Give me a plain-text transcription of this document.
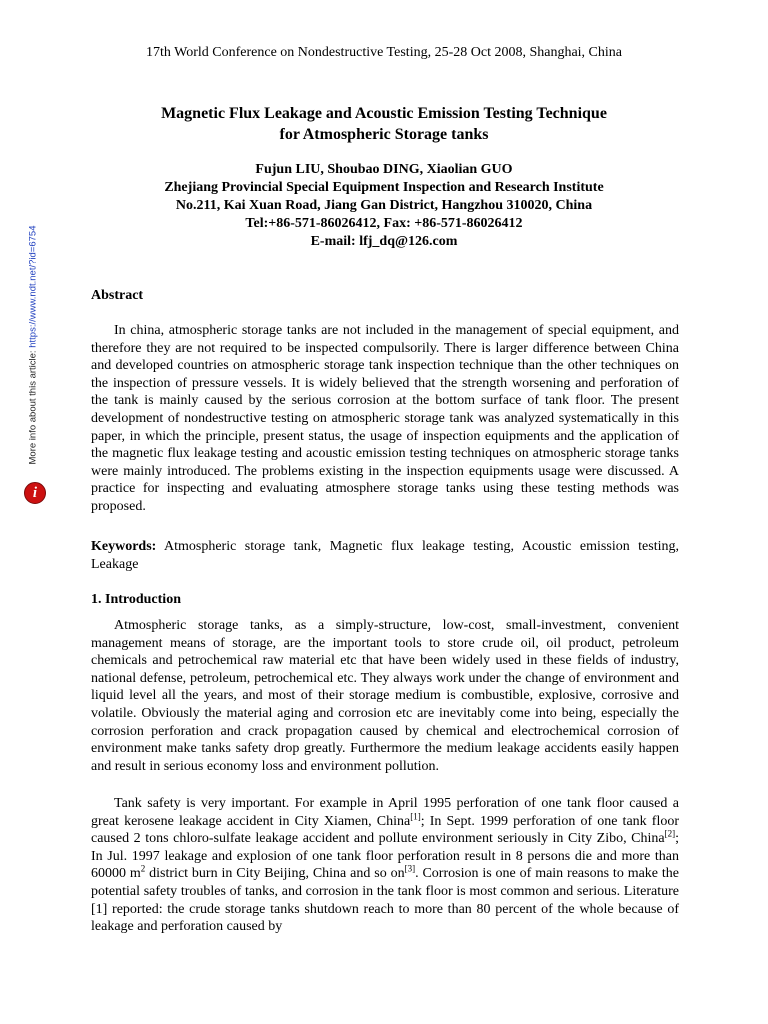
17th World Conference on Nondestructive Testing, 25-28 Oct 2008, Shanghai, China
Magnetic Flux Leakage and Acoustic Emission Testing Technique
for Atmospheric Storage tanks
Fujun LIU, Shoubao DING, Xiaolian GUO
Zhejiang Provincial Special Equipment Inspection and Research Institute
No.211, Kai Xuan Road, Jiang Gan District, Hangzhou 310020, China
Tel:+86-571-86026412, Fax: +86-571-86026412
E-mail: lfj_dq@126.com
More info about this article: https://www.ndt.net/?id=6754
i
Abstract
In china, atmospheric storage tanks are not included in the management of special equipment, and therefore they are not required to be inspected compulsorily. There is larger difference between China and developed countries on atmospheric storage tank inspection technique than the other techniques on the inspection of pressure vessels. It is widely believed that the strength worsening and perforation of the tank is mainly caused by the serious corrosion at the bottom surface of tank floor. The present development of nondestructive testing on atmospheric storage tank was analyzed systematically in this paper, in which the principle, present status, the usage of inspection equipments and the application of the magnetic flux leakage testing and acoustic emission testing techniques on atmospheric storage tanks were mainly introduced. The problems existing in the inspection equipments usage were discussed. A practice for inspecting and evaluating atmosphere storage tanks using these testing methods was proposed.
Keywords: Atmospheric storage tank, Magnetic flux leakage testing, Acoustic emission testing, Leakage
1. Introduction
Atmospheric storage tanks, as a simply-structure, low-cost, small-investment, convenient management means of storage, are the important tools to store crude oil, oil product, petroleum chemicals and petrochemical raw material etc that have been widely used in these fields of industry, national defense, petroleum, petrochemical etc. They always work under the change of environment and liquid level all the years, and most of their storage medium is combustible, explosive, corrosive and volatile. Obviously the material aging and corrosion etc are inevitably come into being, especially the corrosion perforation and crack propagation caused by chemical and electrochemical corrosion of environment make tanks safety drop greatly. Furthermore the medium leakage accidents easily happen and result in serious economy loss and environment pollution.
Tank safety is very important. For example in April 1995 perforation of one tank floor caused a great kerosene leakage accident in City Xiamen, China[1]; In Sept. 1999 perforation of one tank floor caused 2 tons chloro-sulfate leakage accident and pollute environment seriously in City Zibo, China[2]; In Jul. 1997 leakage and explosion of one tank floor perforation result in 8 persons die and more than 60000 $m^2$ district burn in City Beijing, China and so on[3]. Corrosion is one of main reasons to make the potential safety troubles of tanks, and corrosion in the tank floor is most common and serious. Literature [1] reported: the crude storage tanks shutdown reach to more than 80 percent of the whole because of leakage and perforation caused by
